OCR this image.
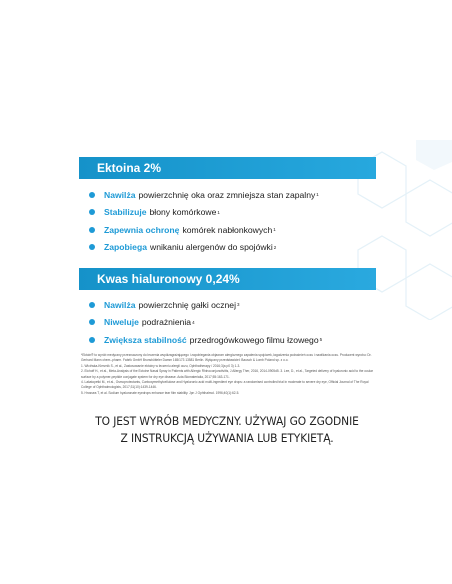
Ektoina 2%
Nawilża powierzchnię oka oraz zmniejsza stan zapalny 1
Stabilizuje błony komórkowe 1
Zapewnia ochronę komórek nabłonkowych 1
Zapobiega wnikaniu alergenów do spojówki 2
Kwas hialuronowy 0,24%
Nawilża powierzchnię gałki ocznej 3
Niweluje podrażnienia 4
Zwiększa stabilność przedrogówkowego filmu łzowego 5

*Ektoin® to wyrób medyczny przeznaczony do leczenia współzagrażającego i zapobiegania objawom alergicznego zapalenia spojówek, łagodzenia podrażnień oczu i nawilżania oczu. Producent wyrobu: Dr. Gerhard Mann chem.-pharm. Fabrik GmbH Brunsbütteler Damm 165/173 13581 Berlin. Wyłączny przedstawiciel: Bausch & Lomb Poland sp. z o.o.

1. Wicińska-Kierznik S., et al., Zastosowanie ektoiny w leczeniu alergii oczu, Ophthatherapy / 2016;3(a p0 3) 1-3.

2. Eichoff H., et al., Meta-Analysis of the Ectoine Nasal Spray in Patients with Allergic Rhinoconjunctivitis, J Allergy Ther, 2016, 2014-0905d5. 3. Lee, D., et al., Targeted delivery of hyaluronic acid to the ocular surface by a polymer-peptide conjugate system for dry eye disease. Acta Biomaterialia, 2017;55:163-171.

4. Lakatopetki M., et al., Osmoprotectants, Carboxymethylcellulose and Hyaluronic acid multi-ingredient eye drops: a randomised controlled trial in moderate to severe dry eye, Official Journal of The Royal College of Ophthalmologists, 2017;31(10):1439-1446.

5. Hrossea T, et al. Sodium hyaluronate eyedrops enhance tear film stability. Jpn J Ophthalmol. 1996;40(1):62-5.

TO JEST WYRÓB MEDYCZNY. UŻYWAJ GO ZGODNIE
Z INSTRUKCJĄ UŻYWANIA LUB ETYKIETĄ.
